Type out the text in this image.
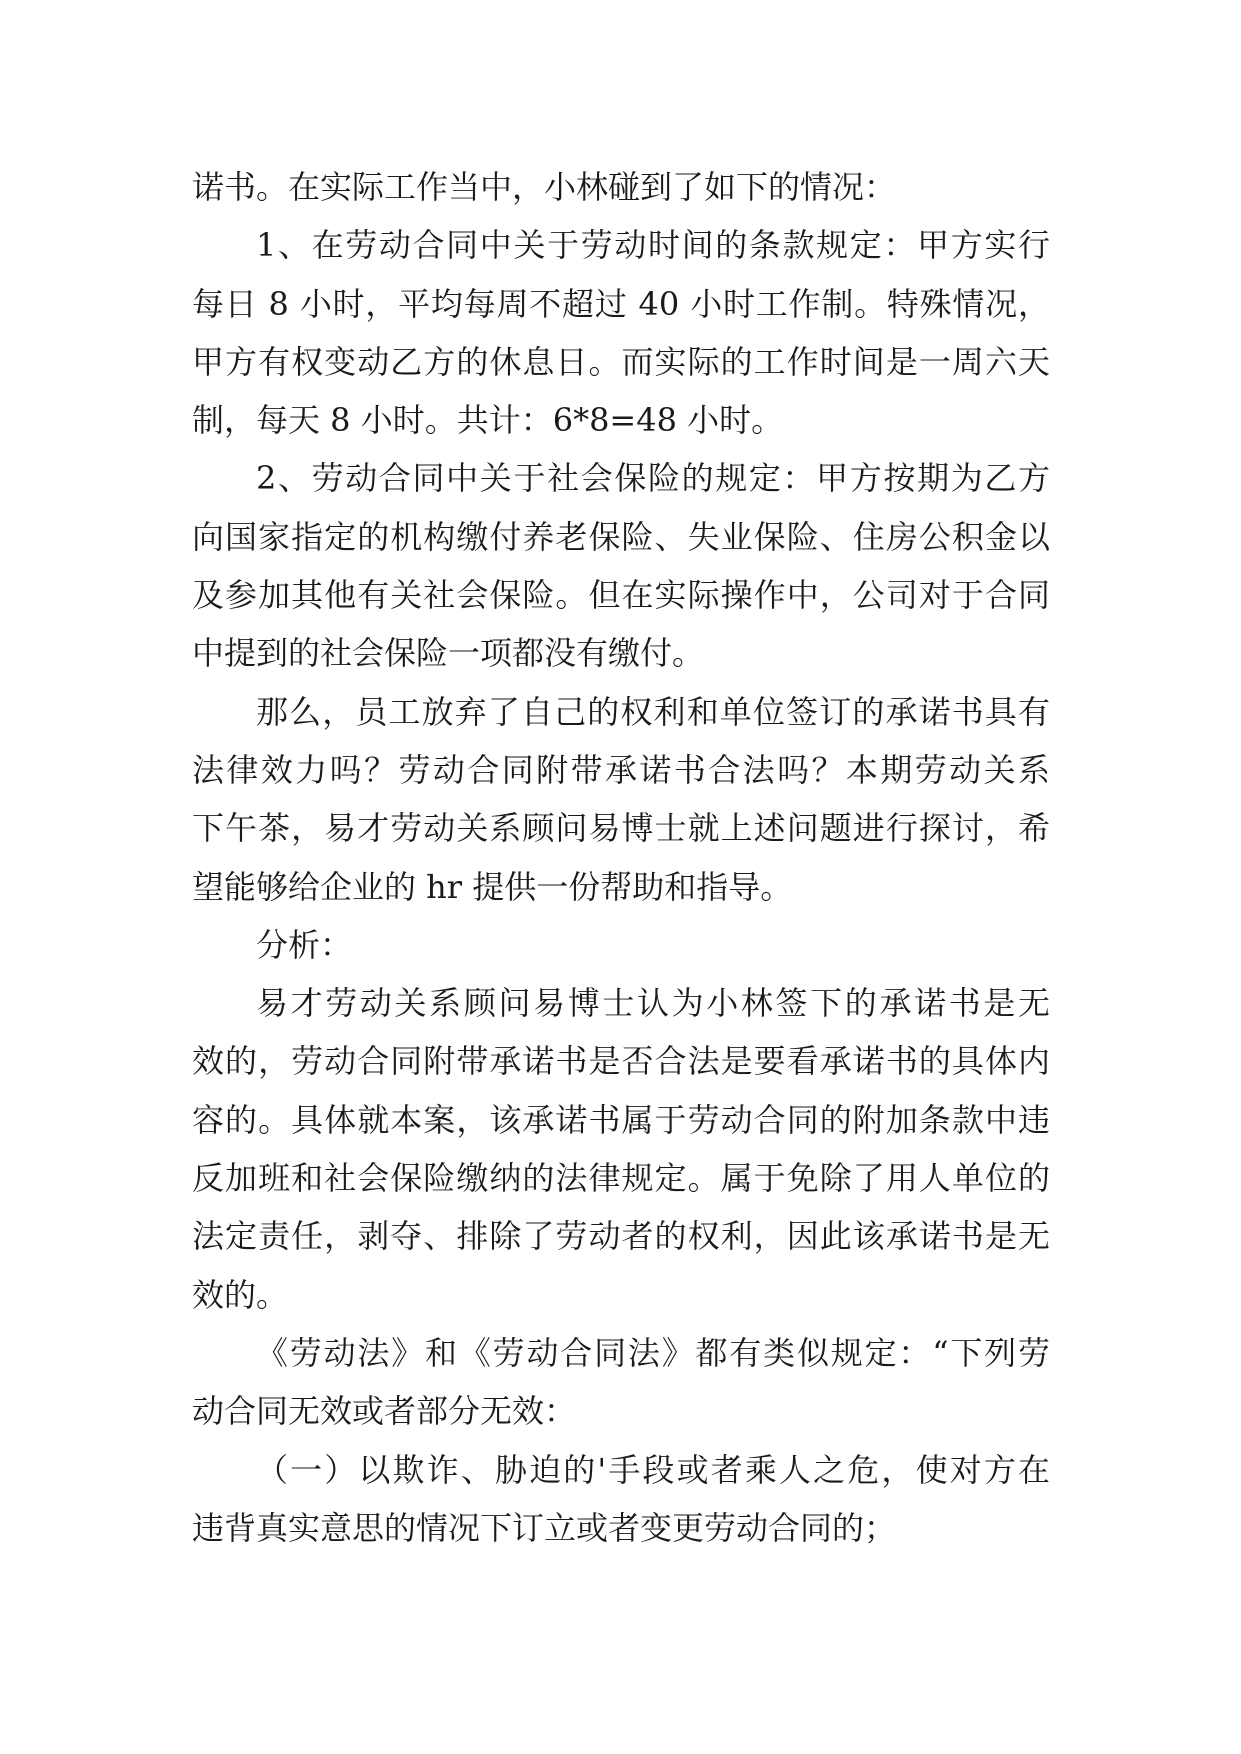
诺书。在实际工作当中，小林碰到了如下的情况：
1、在劳动合同中关于劳动时间的条款规定：甲方实行
每日 8 小时，平均每周不超过 40 小时工作制。特殊情况，
甲方有权变动乙方的休息日。而实际的工作时间是一周六天
制，每天 8 小时。共计：6*8=48 小时。
2、劳动合同中关于社会保险的规定：甲方按期为乙方
向国家指定的机构缴付养老保险、失业保险、住房公积金以
及参加其他有关社会保险。但在实际操作中，公司对于合同
中提到的社会保险一项都没有缴付。
那么，员工放弃了自己的权利和单位签订的承诺书具有
法律效力吗？劳动合同附带承诺书合法吗？本期劳动关系
下午茶，易才劳动关系顾问易博士就上述问题进行探讨，希
望能够给企业的 hr 提供一份帮助和指导。
分析：
易才劳动关系顾问易博士认为小林签下的承诺书是无
效的，劳动合同附带承诺书是否合法是要看承诺书的具体内
容的。具体就本案，该承诺书属于劳动合同的附加条款中违
反加班和社会保险缴纳的法律规定。属于免除了用人单位的
法定责任，剥夺、排除了劳动者的权利，因此该承诺书是无
效的。
《劳动法》和《劳动合同法》都有类似规定：“下列劳
动合同无效或者部分无效：
（一）以欺诈、胁迫的'手段或者乘人之危，使对方在
违背真实意思的情况下订立或者变更劳动合同的；
